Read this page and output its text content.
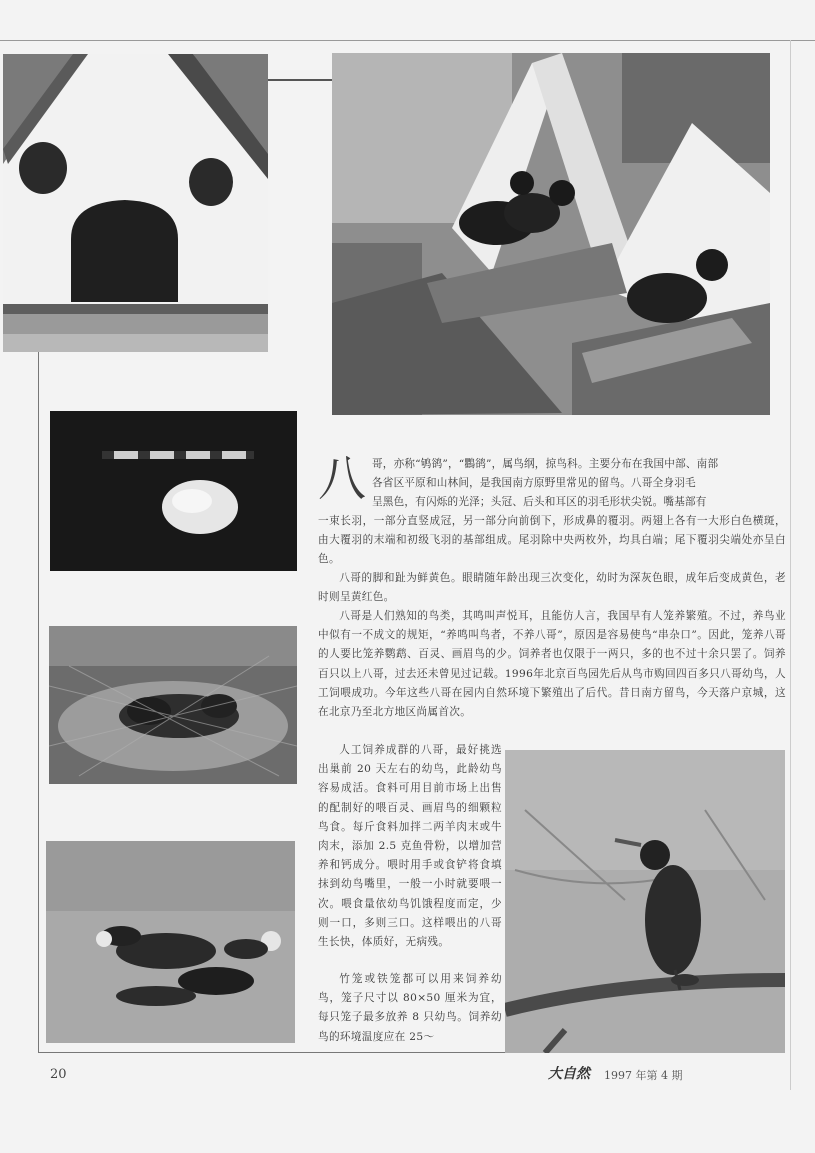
八 哥，亦称“鸲鹆”，“鸜鹆”，属鸟纲，掠鸟科。主要分布在我国中部、南部
各省区平原和山林间，是我国南方原野里常见的留鸟。八哥全身羽毛
呈黑色，有闪烁的光泽；头冠、后头和耳区的羽毛形状尖锐。嘴基部有
一束长羽，一部分直竖成冠，另一部分向前倒下，形成鼻的覆羽。两翅上各有一大形白色横斑，由大覆羽的末端和初级飞羽的基部组成。尾羽除中央两枚外，均具白端；尾下覆羽尖端处亦呈白色。

八哥的脚和趾为鲜黄色。眼睛随年龄出现三次变化，幼时为深灰色眼，成年后变成黄色，老时则呈黄红色。

八哥是人们熟知的鸟类，其鸣叫声悦耳，且能仿人言，我国早有人笼养繁殖。不过，养鸟业中似有一不成文的规矩，“养鸣叫鸟者，不养八哥”，原因是容易使鸟“串杂口”。因此，笼养八哥的人要比笼养鹦鹉、百灵、画眉鸟的少。饲养者也仅限于一两只，多的也不过十余只罢了。饲养百只以上八哥，过去还未曾见过记载。1996年北京百鸟园先后从鸟市购回四百多只八哥幼鸟，人工饲喂成功。今年这些八哥在园内自然环境下繁殖出了后代。昔日南方留鸟，今天落户京城，这在北京乃至北方地区尚属首次。

人工饲养成群的八哥，最好挑选出巢前 20 天左右的幼鸟，此龄幼鸟容易成活。食料可用目前市场上出售的配制好的喂百灵、画眉鸟的细颗粒鸟食。每斤食料加拌二两羊肉末或牛肉末，添加 2.5 克鱼骨粉，以增加营养和钙成分。喂时用手或食铲将食填抹到幼鸟嘴里，一般一小时就要喂一次。喂食量依幼鸟饥饿程度而定，少则一口，多则三口。这样喂出的八哥生长快，体质好，无病残。

竹笼或铁笼都可以用来饲养幼鸟，笼子尺寸以 80×50 厘米为宜，每只笼子最多放养 8 只幼鸟。饲养幼鸟的环境温度应在 25～

20	大自然 1997 年第 4 期
